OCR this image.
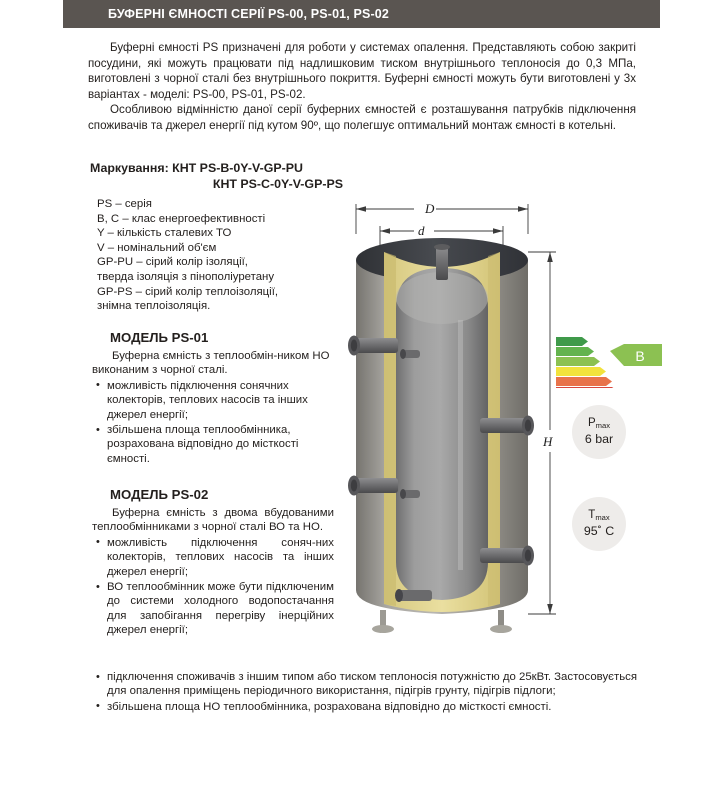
БУФЕРНІ ЄМНОСТІ СЕРІЇ PS-00, PS-01, PS-02

Буферні ємності PS призначені для роботи у системах опалення. Представляють собою закриті посудини, які можуть працювати під надлишковим тиском внутрішнього теплоносія до 0,3 МПа, виготовлені з чорної сталі без внутрішнього покриття. Буферні ємності можуть бути виготовлені у 3х варіантах - моделі: PS-00, PS-01, PS-02.

Особливою відмінністю даної серії буферних ємностей є розташування патрубків підключення споживачів та джерел енергії під кутом 90º, що полегшує оптимальний монтаж ємності в котельні.

Маркування: КНТ PS-B-0Y-V-GP-PU
КНТ PS-C-0Y-V-GP-PS
PS – серія
B, C – клас енергоефективності
Y – кількість сталевих ТО
V – номінальний об'єм
GP-PU – сірий колір ізоляції,
тверда ізоляція з пінополіуретану
GP-PS – сірий колір теплоізоляції,
знімна теплоізоляція.
МОДЕЛЬ PS-01

Буферна ємність з теплообмін-ником НО виконаним з чорної сталі.

• можливість підключення сонячних колекторів, теплових насосів та інших джерел енергії;
• збільшена площа теплообмінника, розрахована відповідно до місткості ємності.
МОДЕЛЬ PS-02

Буферна ємність з двома вбудованими теплообмінниками з чорної сталі ВО та НО.

• можливість підключення соняч-них колекторів, теплових насосів та інших джерел енергії;
• ВО теплообмінник може бути підключеним до системи холодного водопостачання для запобігання перегріву інерційних джерел енергії;
• підключення споживачів з іншим типом або тиском теплоносія потужністю до 25кВт. Застосовується для опалення приміщень періодичного використання, підігрів грунту, підігрів підлоги;
• збільшена площа НО теплообмінника, розрахована відповідно до місткості ємності.
D
d
H
B
$P_{max}$
6 bar
$T_{max}$
95˚ C
